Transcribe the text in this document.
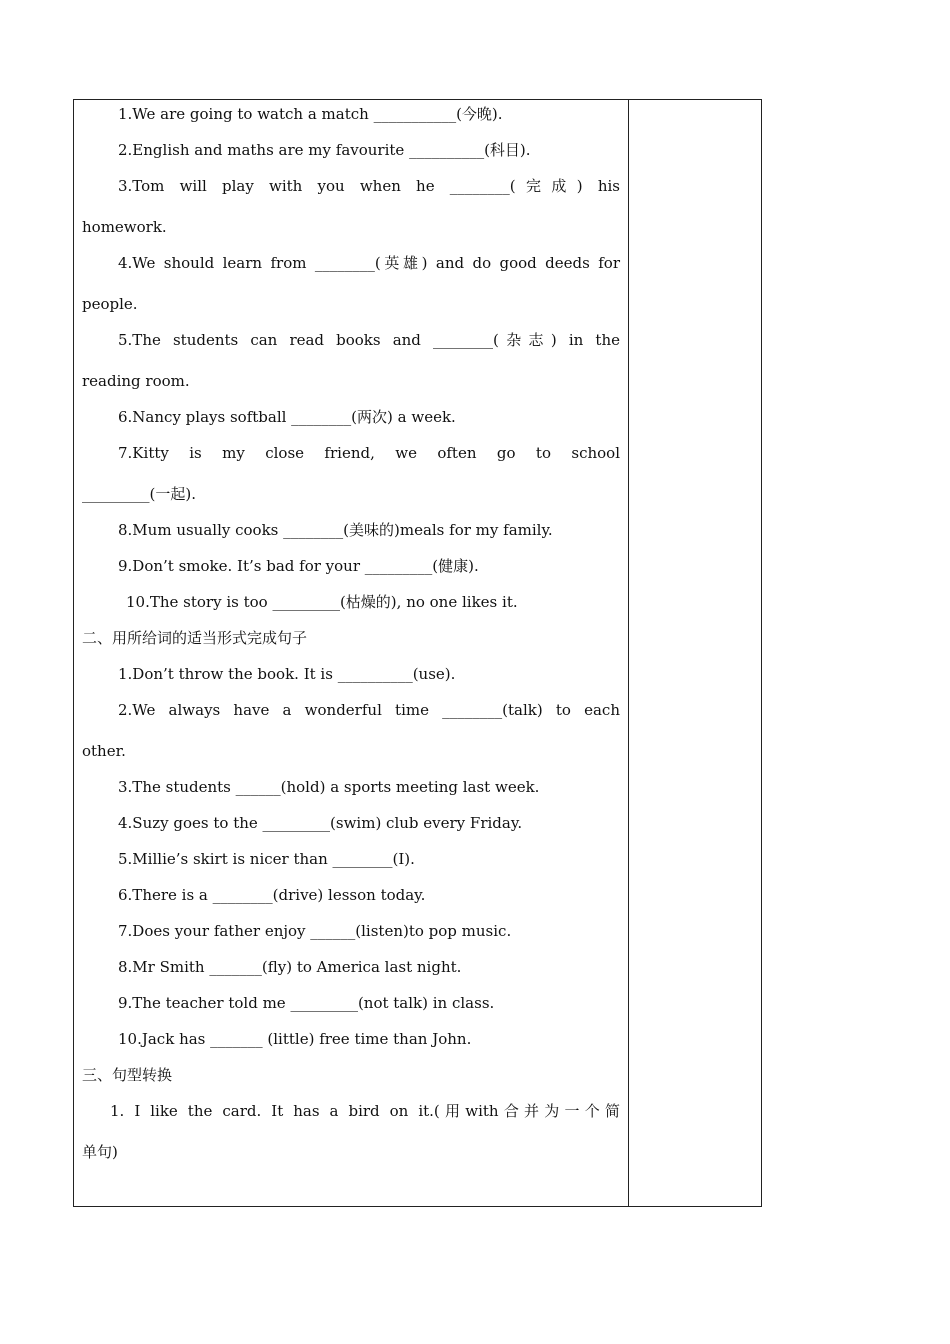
1.We are going to watch a match ___________(今晚).
2.English and maths are my favourite __________(科目).
3.Tom will play with you when he ________(完成) his
homework.
4.We should learn from ________(英雄) and do good deeds for
people.
5.The students can read books and ________(杂志) in the
reading room.
6.Nancy plays softball ________(两次) a week.
7.Kitty is my close friend, we often go to school
_________(一起).
8.Mum usually cooks ________(美味的)meals for my family.
9.Don’t smoke. It’s bad for your _________(健康).
10.The story is too _________(枯燥的), no one likes it.
二、用所给词的适当形式完成句子
1.Don’t throw the book. It is __________(use).
2.We always have a wonderful time ________(talk) to each
other.
3.The students ______(hold) a sports meeting last week.
4.Suzy goes to the _________(swim) club every Friday.
5.Millie’s skirt is nicer than ________(I).
6.There is a ________(drive) lesson today.
7.Does your father enjoy ______(listen)to pop music.
8.Mr Smith _______(fly) to America last night.
9.The teacher told me _________(not talk) in class.
10.Jack has _______ (little) free time than John.
三、句型转换
1. I like the card. It has a bird on it.(用with合并为一个简
单句)
